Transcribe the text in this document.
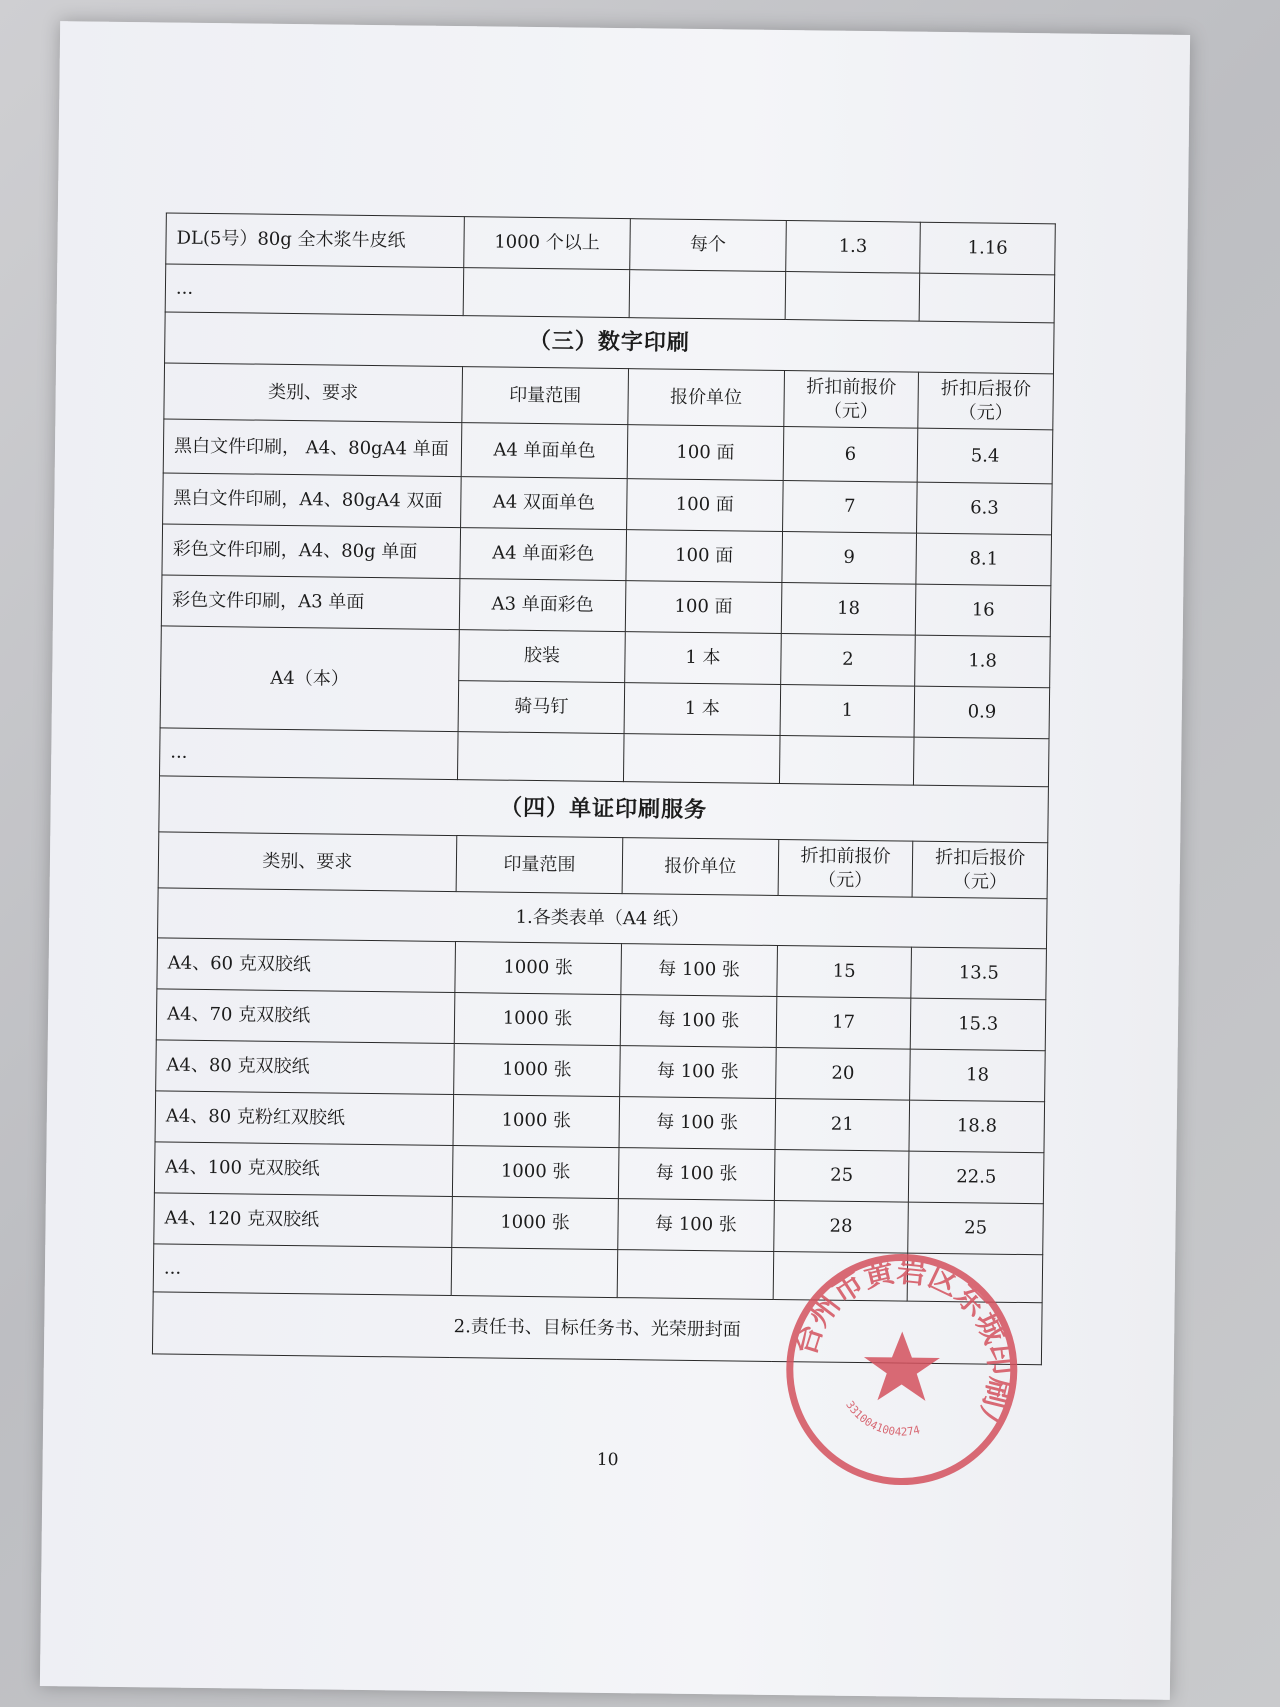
DL(5号）80g 全木浆牛皮纸	1000 个以上	每个	1.3	1.16
...				
（三）数字印刷				
类别、要求	印量范围	报价单位	折扣前报价（元）	折扣后报价（元）
黑白文件印刷， A4、80gA4 单面	A4 单面单色	100 面	6	5.4
黑白文件印刷，A4、80gA4 双面	A4 双面单色	100 面	7	6.3
彩色文件印刷，A4、80g 单面	A4 单面彩色	100 面	9	8.1
彩色文件印刷，A3 单面	A3 单面彩色	100 面	18	16
A4（本）	胶装	1 本	2	1.8
	骑马钉	1 本	1	0.9
...				
（四）单证印刷服务				
类别、要求	印量范围	报价单位	折扣前报价（元）	折扣后报价（元）
1.各类表单（A4 纸）				
A4、60 克双胶纸	1000 张	每 100 张	15	13.5
A4、70 克双胶纸	1000 张	每 100 张	17	15.3
A4、80 克双胶纸	1000 张	每 100 张	20	18
A4、80 克粉红双胶纸	1000 张	每 100 张	21	18.8
A4、100 克双胶纸	1000 张	每 100 张	25	22.5
A4、120 克双胶纸	1000 张	每 100 张	28	25
...				
2.责任书、目标任务书、光荣册封面				
10
台州市黄岩区东城印刷厂
3310041004274
